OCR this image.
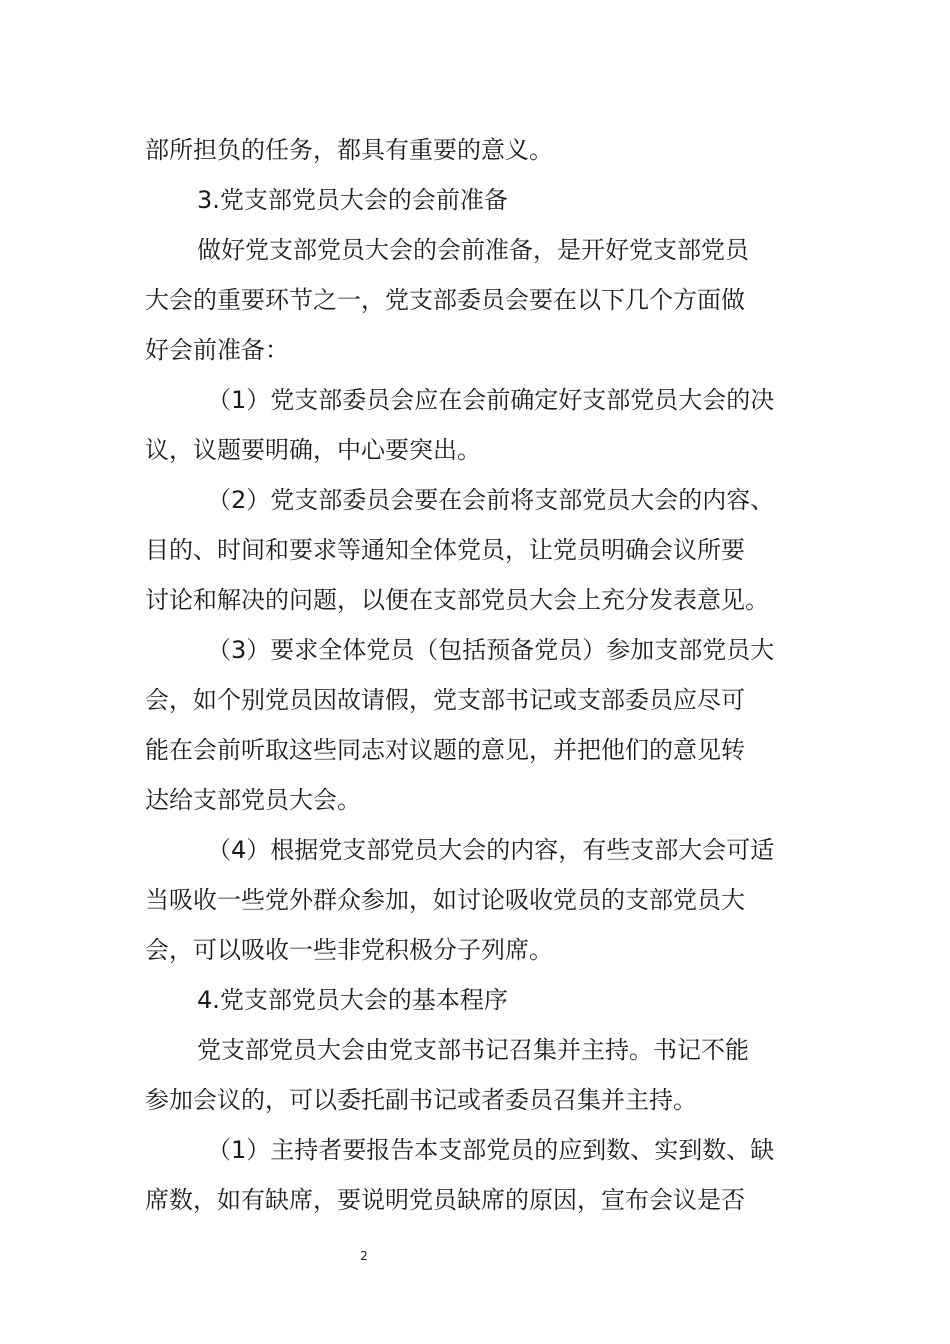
部所担负的任务，都具有重要的意义。
3.党支部党员大会的会前准备
做好党支部党员大会的会前准备，是开好党支部党员
大会的重要环节之一，党支部委员会要在以下几个方面做
好会前准备：
（1）党支部委员会应在会前确定好支部党员大会的决
议，议题要明确，中心要突出。
（2）党支部委员会要在会前将支部党员大会的内容、
目的、时间和要求等通知全体党员，让党员明确会议所要
讨论和解决的问题，以便在支部党员大会上充分发表意见。
（3）要求全体党员（包括预备党员）参加支部党员大
会，如个别党员因故请假，党支部书记或支部委员应尽可
能在会前听取这些同志对议题的意见，并把他们的意见转
达给支部党员大会。
（4）根据党支部党员大会的内容，有些支部大会可适
当吸收一些党外群众参加，如讨论吸收党员的支部党员大
会，可以吸收一些非党积极分子列席。
4.党支部党员大会的基本程序
党支部党员大会由党支部书记召集并主持。书记不能
参加会议的，可以委托副书记或者委员召集并主持。
（1）主持者要报告本支部党员的应到数、实到数、缺
席数，如有缺席，要说明党员缺席的原因，宣布会议是否
2
